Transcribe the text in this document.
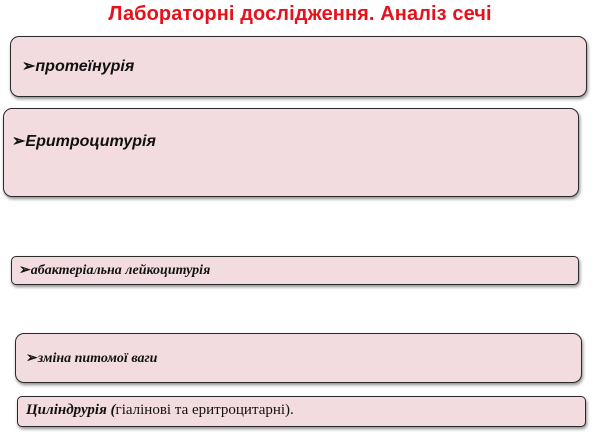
Лабораторні дослідження. Аналіз сечі
➢протеїнурія
➢Еритроцитурія
➢абактеріальна лейкоцитурія
➢зміна питомої ваги
Циліндрурія (гіалінові та еритроцитарні).
